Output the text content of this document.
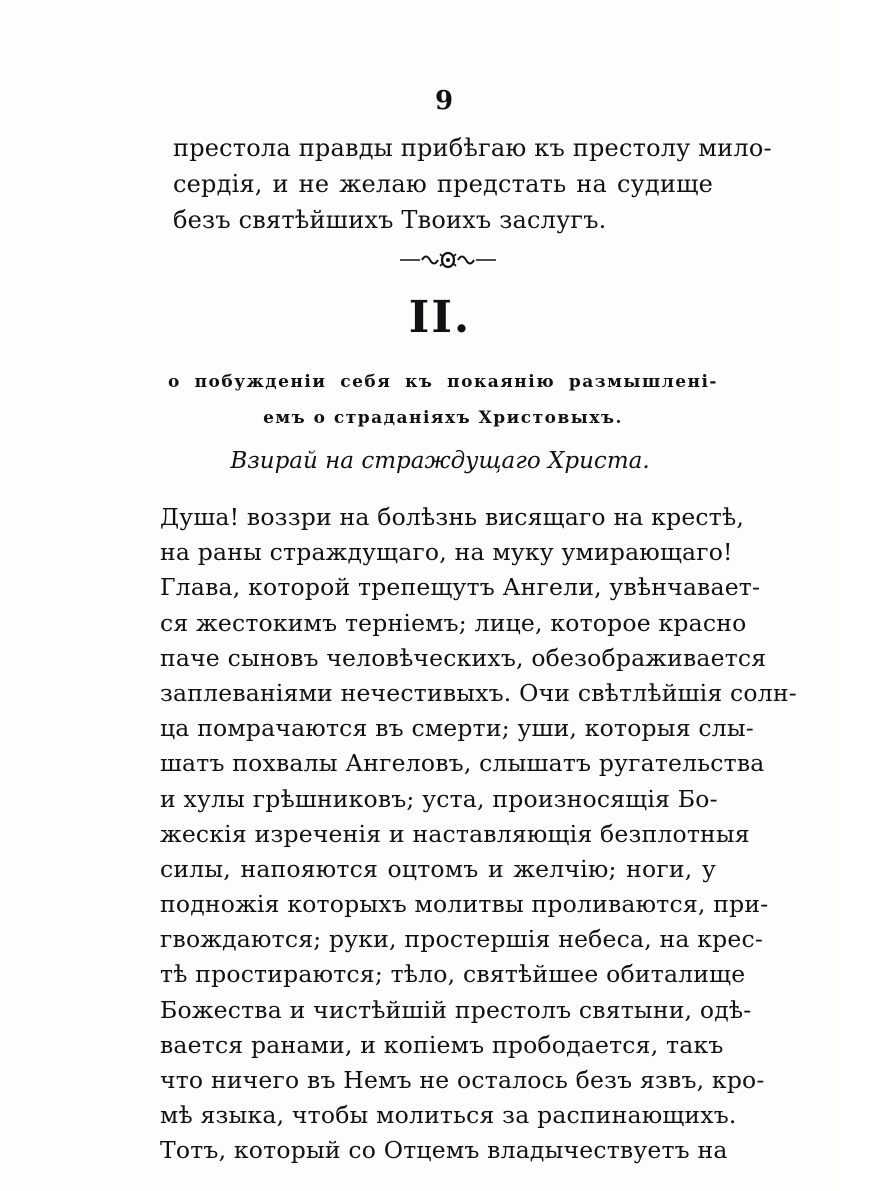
9
престола правды прибѣгаю къ престолу мило-
сердія, и не желаю предстать на судище
безъ святѣйшихъ Твоихъ заслугъ.
II.
о побужденіи себя къ покаянію размышлені-
емъ о страданіяхъ Христовыхъ.
Взирай на страждущаго Христа.
Душа! воззри на болѣзнь висящаго на крестѣ,
на раны страждущаго, на муку умирающаго!
Глава, которой трепещутъ Ангели, увѣнчавает-
ся жестокимъ терніемъ; лице, которое красно
паче сыновъ человѣческихъ, обезображивается
заплеваніями нечестивыхъ. Очи свѣтлѣйшія солн-
ца помрачаются въ смерти; уши, которыя слы-
шатъ похвалы Ангеловъ, слышатъ ругательства
и хулы грѣшниковъ; уста, произносящія Бо-
жескія изреченія и наставляющія безплотныя
силы, напояются оцтомъ и желчію; ноги, у
подножія которыхъ молитвы проливаются, при-
гвождаются; руки, простершія небеса, на крес-
тѣ простираются; тѣло, святѣйшее обиталище
Божества и чистѣйшій престолъ святыни, одѣ-
вается ранами, и копіемъ прободается, такъ
что ничего въ Немъ не осталось безъ язвъ, кро-
мѣ языка, чтобы молиться за распинающихъ.
Тотъ, который со Отцемъ владычествуетъ на
